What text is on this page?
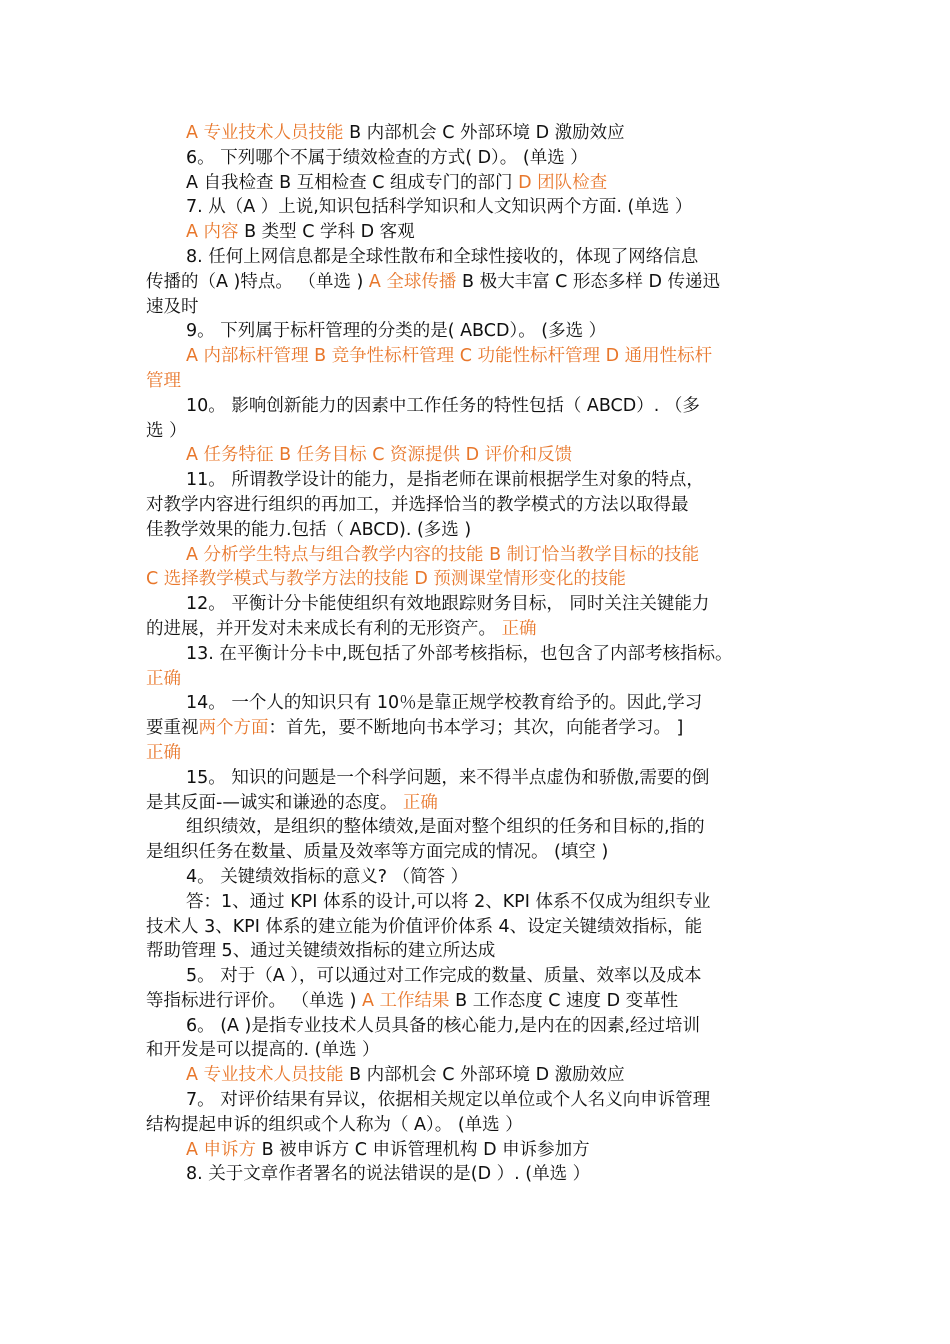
A 专业技术人员技能 B 内部机会 C 外部环境 D 激励效应
6。 下列哪个不属于绩效检查的方式( D）。 (单选 ）
A 自我检查 B 互相检查 C 组成专门的部门 D 团队检查
7. 从（A ）上说,知识包括科学知识和人文知识两个方面. (单选 ）
A 内容 B 类型 C 学科 D 客观
8. 任何上网信息都是全球性散布和全球性接收的，体现了网络信息
传播的（A )特点。 （单选 ) A 全球传播 B 极大丰富 C 形态多样 D 传递迅
速及时
9。 下列属于标杆管理的分类的是( ABCD）。 (多选 ）
A 内部标杆管理 B 竞争性标杆管理 C 功能性标杆管理 D 通用性标杆
管理
10。 影响创新能力的因素中工作任务的特性包括（ ABCD）. （多
选 ）
A 任务特征 B 任务目标 C 资源提供 D 评价和反馈
11。 所谓教学设计的能力，是指老师在课前根据学生对象的特点，
对教学内容进行组织的再加工，并选择恰当的教学模式的方法以取得最
佳教学效果的能力.包括（ ABCD). (多选 )
A 分析学生特点与组合教学内容的技能 B 制订恰当教学目标的技能
C 选择教学模式与教学方法的技能 D 预测课堂情形变化的技能
12。 平衡计分卡能使组织有效地跟踪财务目标， 同时关注关键能力
的进展，并开发对未来成长有利的无形资产。 正确
13. 在平衡计分卡中,既包括了外部考核指标，也包含了内部考核指标。
正确
14。 一个人的知识只有 10％是靠正规学校教育给予的。因此,学习
要重视两个方面：首先，要不断地向书本学习；其次，向能者学习。 ]
正确
15。 知识的问题是一个科学问题，来不得半点虚伪和骄傲,需要的倒
是其反面-—诚实和谦逊的态度。 正确
组织绩效，是组织的整体绩效,是面对整个组织的任务和目标的,指的
是组织任务在数量、质量及效率等方面完成的情况。 (填空 )
4。 关键绩效指标的意义? （简答 ）
答：1、通过 KPI 体系的设计,可以将 2、KPI 体系不仅成为组织专业
技术人 3、KPI 体系的建立能为价值评价体系 4、设定关键绩效指标，能
帮助管理 5、通过关键绩效指标的建立所达成
5。 对于（A ），可以通过对工作完成的数量、质量、效率以及成本
等指标进行评价。 （单选 ) A 工作结果 B 工作态度 C 速度 D 变革性
6。 (A )是指专业技术人员具备的核心能力,是内在的因素,经过培训
和开发是可以提高的. (单选 ）
A 专业技术人员技能 B 内部机会 C 外部环境 D 激励效应
7。 对评价结果有异议，依据相关规定以单位或个人名义向申诉管理
结构提起申诉的组织或个人称为（ A）。 (单选 ）
A 申诉方 B 被申诉方 C 申诉管理机构 D 申诉参加方
8. 关于文章作者署名的说法错误的是(D ）. (单选 ）
